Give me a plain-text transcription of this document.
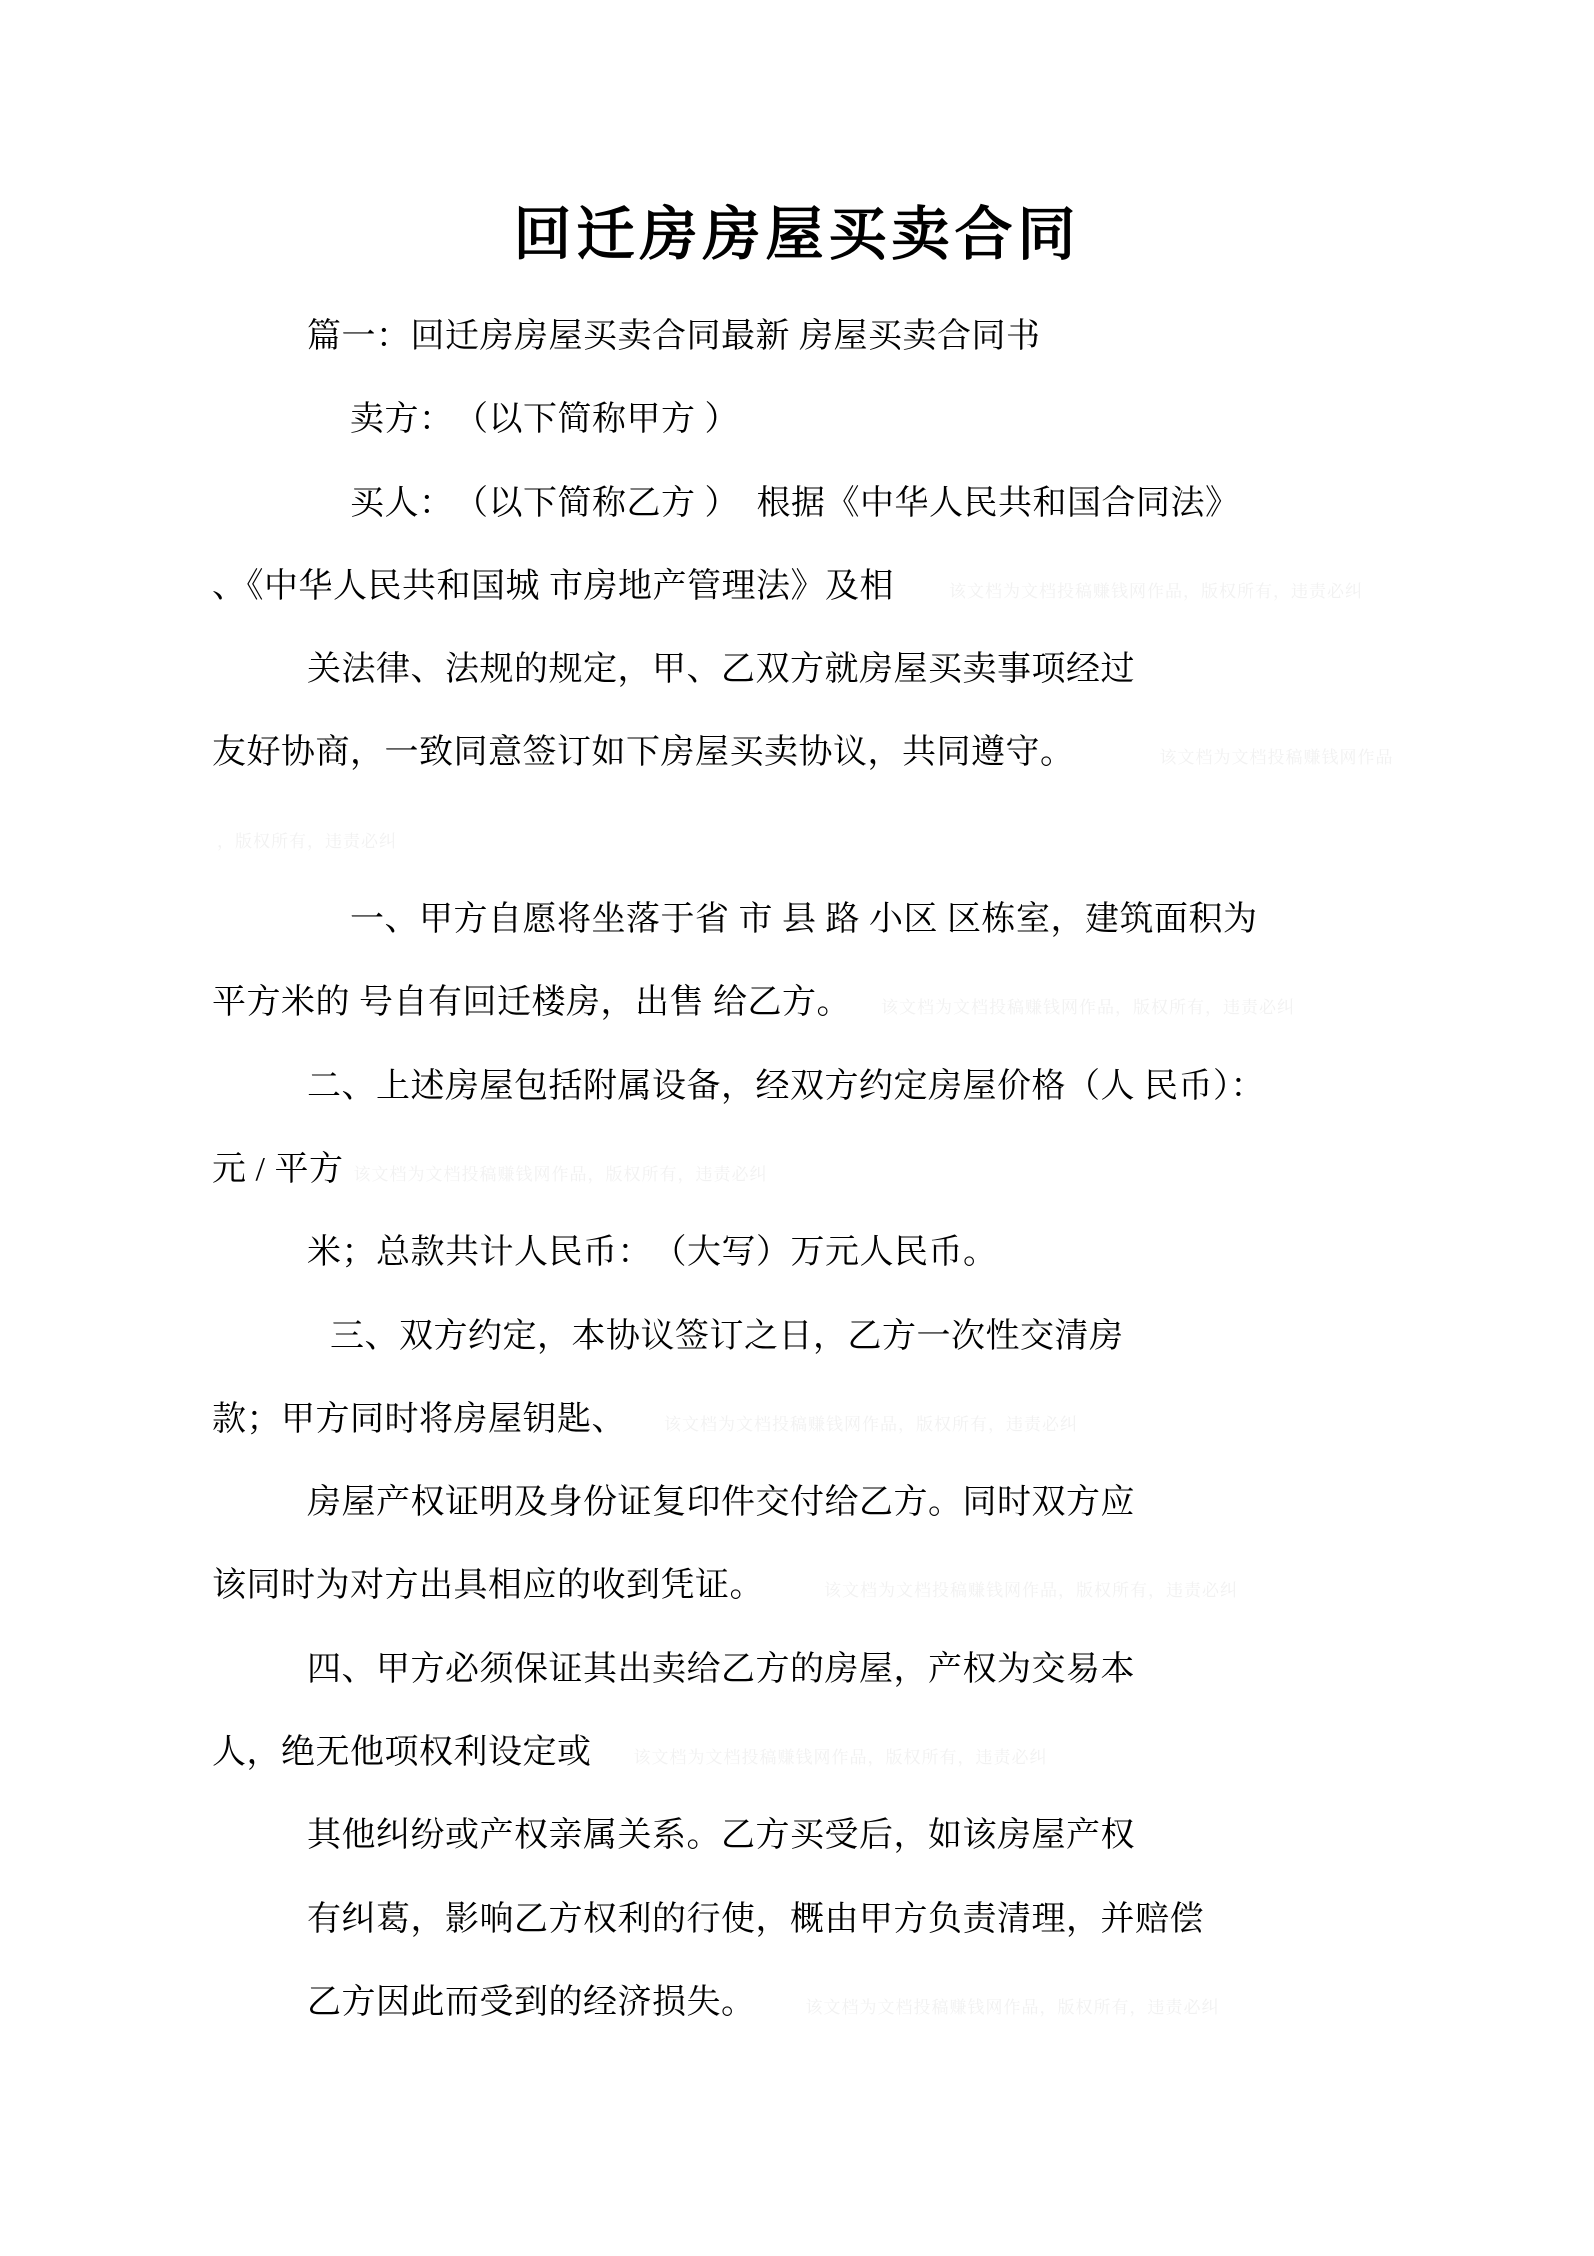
回迁房房屋买卖合同
篇一：回迁房房屋买卖合同最新 房屋买卖合同书
卖方：　（以下简称甲方 ）
买人：　（以下简称乙方 ）　根据《中华人民共和国合同法》
、《中华人民共和国城 市房地产管理法》及相	该文档为文档投稿赚钱网作品，版权所有，违责必纠
关法律、法规的规定，甲、乙双方就房屋买卖事项经过
友好协商，一致同意签订如下房屋买卖协议，共同遵守。	该文档为文档投稿赚钱网作品
，版权所有，违责必纠
一、甲方自愿将坐落于省 市 县 路 小区 区栋室，建筑面积为
平方米的 号自有回迁楼房，出售 给乙方。 该文档为文档投稿赚钱网作品，版权所有，违责必纠
二、上述房屋包括附属设备，经双方约定房屋价格（人 民币）：
元 / 平方 该文档为文档投稿赚钱网作品，版权所有，违责必纠
米；总款共计人民币：　（大写）万元人民币。
三、双方约定，本协议签订之日，乙方一次性交清房
款；甲方同时将房屋钥匙、 该文档为文档投稿赚钱网作品，版权所有，违责必纠
房屋产权证明及身份证复印件交付给乙方。同时双方应
该同时为对方出具相应的收到凭证。	该文档为文档投稿赚钱网作品，版权所有，违责必纠
四、甲方必须保证其出卖给乙方的房屋，产权为交易本
人，绝无他项权利设定或 该文档为文档投稿赚钱网作品，版权所有，违责必纠
其他纠纷或产权亲属关系。乙方买受后，如该房屋产权
有纠葛，影响乙方权利的行使，概由甲方负责清理，并赔偿
乙方因此而受到的经济损失。	该文档为文档投稿赚钱网作品，版权所有，违责必纠
